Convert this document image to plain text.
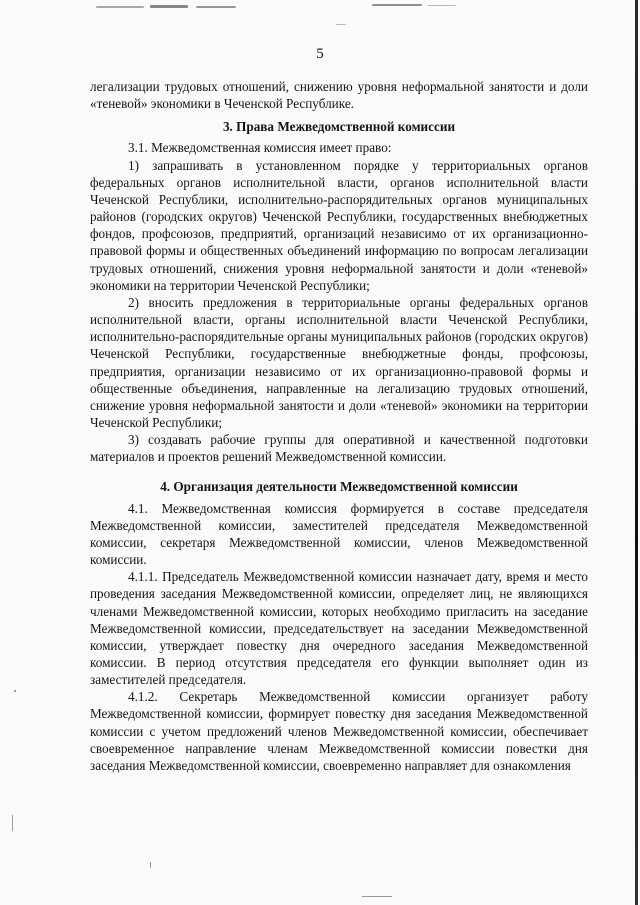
5

легализации трудовых отношений, снижению уровня неформальной занятости и доли «теневой» экономики в Чеченской Республике.

3. Права Межведомственной комиссии

3.1. Межведомственная комиссия имеет право:

1) запрашивать в установленном порядке у территориальных органов федеральных органов исполнительной власти, органов исполнительной власти Чеченской Республики, исполнительно-распорядительных органов муниципальных районов (городских округов) Чеченской Республики, государственных внебюджетных фондов, профсоюзов, предприятий, организаций независимо от их организационно-правовой формы и общественных объединений информацию по вопросам легализации трудовых отношений, снижения уровня неформальной занятости и доли «теневой» экономики на территории Чеченской Республики;

2) вносить предложения в территориальные органы федеральных органов исполнительной власти, органы исполнительной власти Чеченской Республики, исполнительно-распорядительные органы муниципальных районов (городских округов) Чеченской Республики, государственные внебюджетные фонды, профсоюзы, предприятия, организации независимо от их организационно-правовой формы и общественные объединения, направленные на легализацию трудовых отношений, снижение уровня неформальной занятости и доли «теневой» экономики на территории Чеченской Республики;

3) создавать рабочие группы для оперативной и качественной подготовки материалов и проектов решений Межведомственной комиссии.

4. Организация деятельности Межведомственной комиссии

4.1. Межведомственная комиссия формируется в составе председателя Межведомственной комиссии, заместителей председателя Межведомственной комиссии, секретаря Межведомственной комиссии, членов Межведомственной комиссии.

4.1.1. Председатель Межведомственной комиссии назначает дату, время и место проведения заседания Межведомственной комиссии, определяет лиц, не являющихся членами Межведомственной комиссии, которых необходимо пригласить на заседание Межведомственной комиссии, председательствует на заседании Межведомственной комиссии, утверждает повестку дня очередного заседания Межведомственной комиссии. В период отсутствия председателя его функции выполняет один из заместителей председателя.

4.1.2. Секретарь Межведомственной комиссии организует работу Межведомственной комиссии, формирует повестку дня заседания Межведомственной комиссии с учетом предложений членов Межведомственной комиссии, обеспечивает своевременное направление членам Межведомственной комиссии повестки дня заседания Межведомственной комиссии, своевременно направляет для ознакомления
